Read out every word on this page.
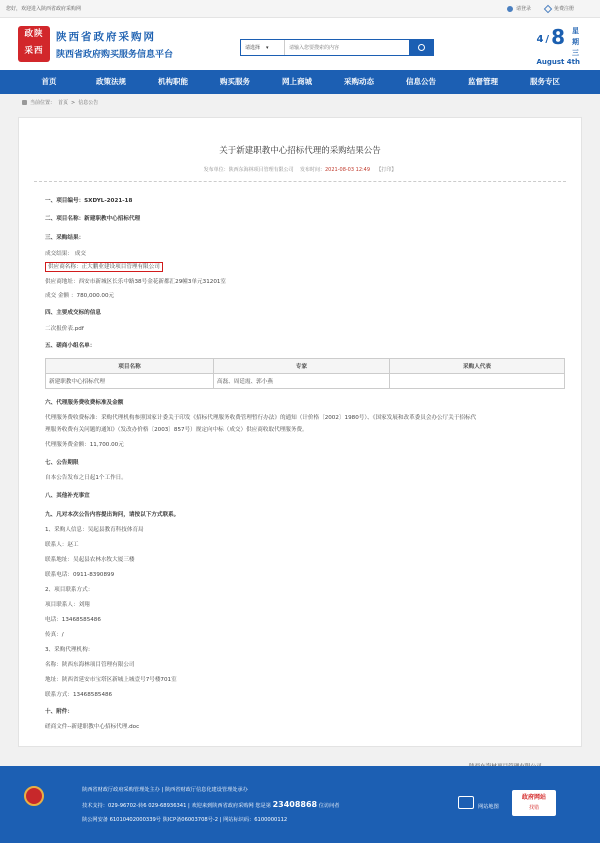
您好，欢迎进入陕西省政府采购网	请登录	免费注册
政陕
采西
陕西省政府采购网
陕西省政府购买服务信息平台
4 / 8 星
期
三
August 4th
请选择 ▾
请输入您要搜索的内容
首页	政策法规	机构职能	购买服务	网上商城	采购动态	信息公告	监督管理	服务专区
当前位置： 首页 > 信息公告
关于新建职教中心招标代理的采购结果公告
发布单位：陕西东海林项目管理有限公司 发布时间：2021-08-03 12:49 【打印】
一、项目编号：SXDYL-2021-18
二、项目名称：新建职教中心招标代理
三、采购结果：
成交结果： 成交
供应商名称：正大鹏业建设项目管理有限公司
供应商地址：西安市新城区长乐中路38号金花新都汇29幢3单元31201室
成交 金额 ：780,000.00元
四、主要成交标的信息
二次报价表.pdf
五、磋商小组名单：
项目名称	专家	采购人代表
新建职教中心招标代理	高磊、周廷霞、郭小燕	
六、代理服务费收费标准及金额
代理服务费收费标准：采购代理机构参照国家计委关于印发《招标代理服务收费管理暂行办法》的通知（计价格〔2002〕1980号）、《国家发展和改革委员会办公厅关于招标代
理服务收费有关问题的通知》（发改办价格〔2003〕857号）规定向中标（成交）供应商收取代理服务费。
代理服务费金额：11,700.00元
七、公告期限
自本公告发布之日起1个工作日。
八、其他补充事宜
九、凡对本次公告内容提出询问，请按以下方式联系。
1、采购人信息：吴起县教育科技体育局
联系人：赵工
联系地址：吴起县农林水牧大厦三楼
联系电话：0911-8390899
2、项目联系方式：
项目联系人：刘翔
电话：13468585486
传真：/
3、采购代理机构：
名称：陕西东海林项目管理有限公司
地址：陕西省延安市宝塔区新城上城壹号7号楼701室
联系方式：13468585486
十、附件：
磋商文件--新建职教中心招标代理.doc
陕西省财政厅政府采购管理处主办 | 陕西省财政厅信息化建设管理处承办
技术支持：029-96702-转6 029-68936341 | 欢迎来到陕西省政府采购网 您是第 23408868 位访问者
陕公网安备 61010402000339号 陕ICP备06003708号-2 | 网站标识码：6100000112
网站地图
政府网站
找错
